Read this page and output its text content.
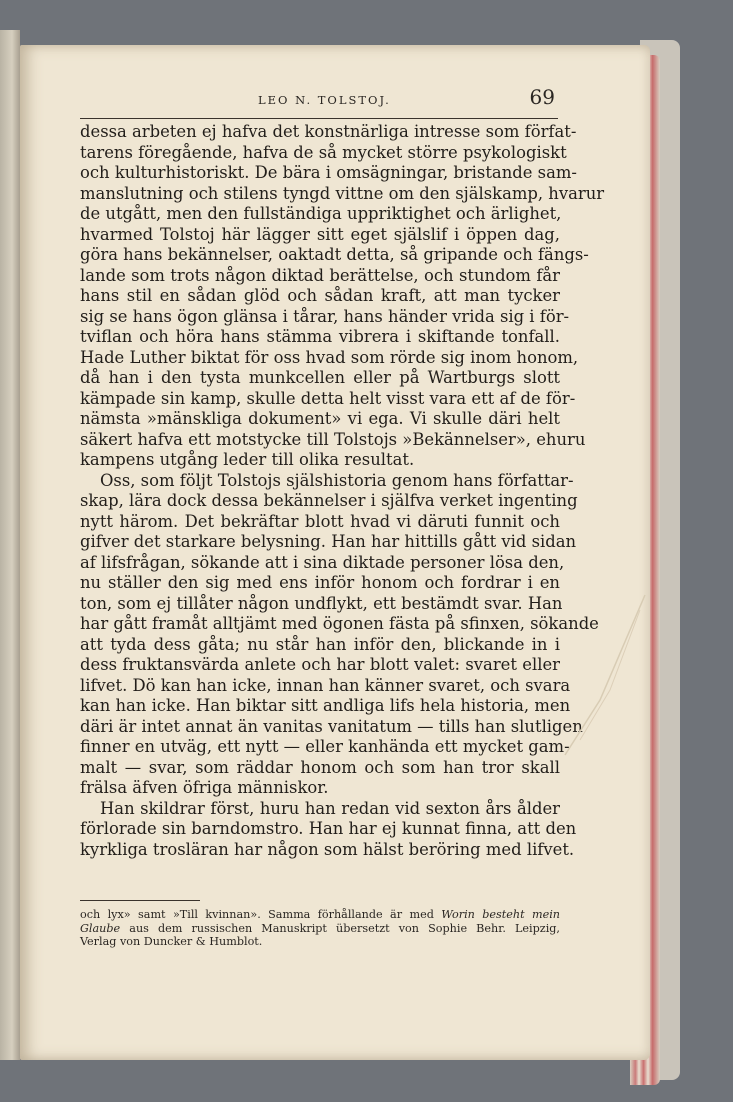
LEO N. TOLSTOJ.	69
dessa arbeten ej hafva det konstnärliga intresse som förfat-
tarens föregående, hafva de så mycket större psykologiskt
och kulturhistoriskt. De bära i omsägningar, bristande sam-
manslutning och stilens tyngd vittne om den själskamp, hvarur
de utgått, men den fullständiga uppriktighet och ärlighet,
hvarmed Tolstoj här lägger sitt eget själslif i öppen dag,
göra hans bekännelser, oaktadt detta, så gripande och fängs-
lande som trots någon diktad berättelse, och stundom får
hans stil en sådan glöd och sådan kraft, att man tycker
sig se hans ögon glänsa i tårar, hans händer vrida sig i för-
tviflan och höra hans stämma vibrera i skiftande tonfall.
Hade Luther biktat för oss hvad som rörde sig inom honom,
då han i den tysta munkcellen eller på Wartburgs slott
kämpade sin kamp, skulle detta helt visst vara ett af de för-
nämsta »mänskliga dokument» vi ega. Vi skulle däri helt
säkert hafva ett motstycke till Tolstojs »Bekännelser», ehuru
kampens utgång leder till olika resultat.
Oss, som följt Tolstojs själshistoria genom hans författar-
skap, lära dock dessa bekännelser i själfva verket ingenting
nytt härom. Det bekräftar blott hvad vi däruti funnit och
gifver det starkare belysning. Han har hittills gått vid sidan
af lifsfrågan, sökande att i sina diktade personer lösa den,
nu ställer den sig med ens inför honom och fordrar i en
ton, som ej tillåter någon undflykt, ett bestämdt svar. Han
har gått framåt alltjämt med ögonen fästa på sfinxen, sökande
att tyda dess gåta; nu står han inför den, blickande in i
dess fruktansvärda anlete och har blott valet: svaret eller
lifvet. Dö kan han icke, innan han känner svaret, och svara
kan han icke. Han biktar sitt andliga lifs hela historia, men
däri är intet annat än vanitas vanitatum — tills han slutligen
finner en utväg, ett nytt — eller kanhända ett mycket gam-
malt — svar, som räddar honom och som han tror skall
frälsa äfven öfriga människor.
Han skildrar först, huru han redan vid sexton års ålder
förlorade sin barndomstro. Han har ej kunnat finna, att den
kyrkliga trosläran har någon som hälst beröring med lifvet.
och lyx» samt »Till kvinnan». Samma förhållande är med Worin besteht mein
Glaube aus dem russischen Manuskript übersetzt von Sophie Behr. Leipzig,
Verlag von Duncker & Humblot.
